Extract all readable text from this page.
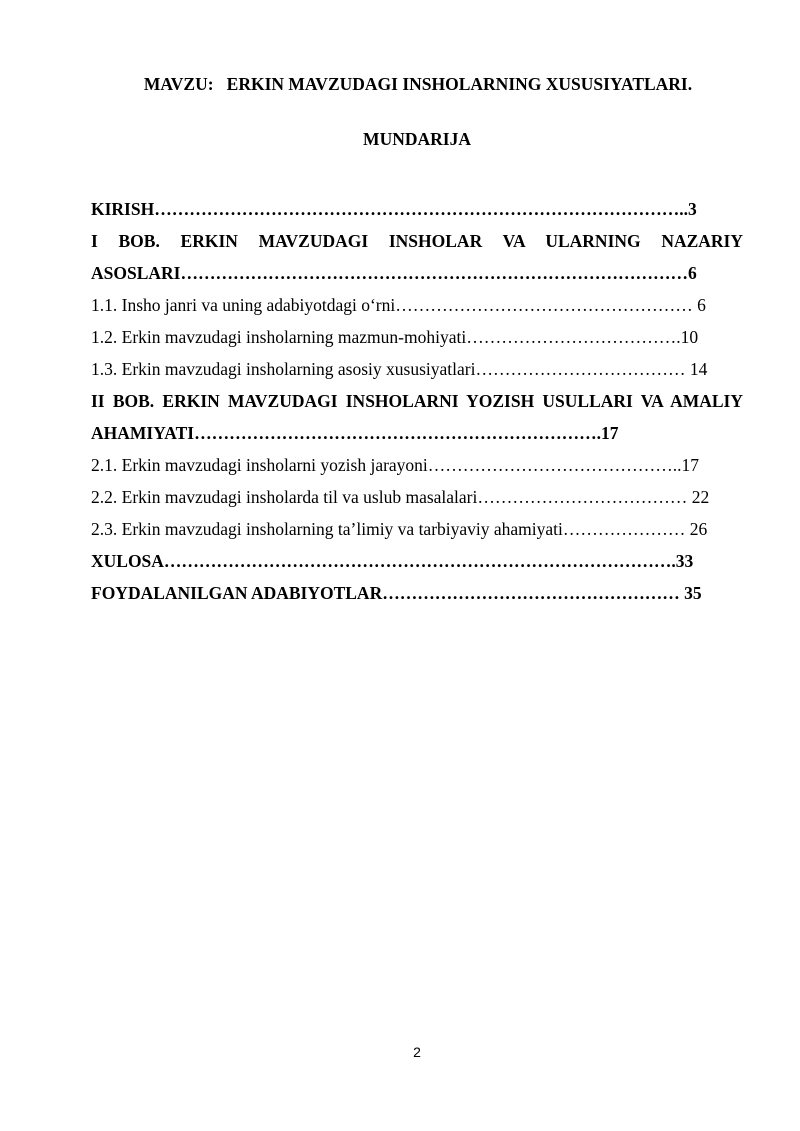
MAVZU:   ERKIN MAVZUDAGI INSHOLARNING XUSUSIYATLARI.
MUNDARIJA
KIRISH………………………………………………………………………………..3
I BOB. ERKIN MAVZUDAGI INSHOLAR VA ULARNING NAZARIY ASOSLARI……………………………………………………………………………6
1.1. Insho janri va uning adabiyotdagi o‘rni…………………………………………… 6
1.2. Erkin mavzudagi insholarning mazmun-mohiyati……………………………….10
1.3. Erkin mavzudagi insholarning asosiy xususiyatlari……………………………… 14
II BOB. ERKIN MAVZUDAGI INSHOLARNI YOZISH USULLARI VA AMALIY AHAMIYATI…………………………………………………………….17
2.1. Erkin mavzudagi insholarni yozish jarayoni……………………………………..17
2.2. Erkin mavzudagi insholarda til va uslub masalalari……………………………… 22
2.3. Erkin mavzudagi insholarning ta’limiy va tarbiyaviy ahamiyati………………… 26
XULOSA…………………………………………………………………………….33
FOYDALANILGAN ADABIYOTLAR…………………………………………… 35
2
